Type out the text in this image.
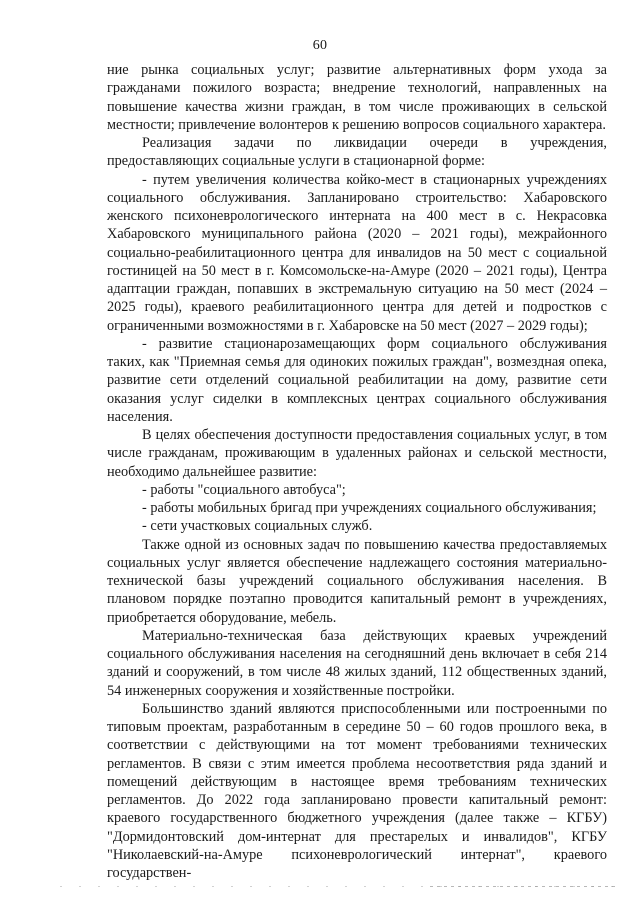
60

ние рынка социальных услуг; развитие альтернативных форм ухода за гражданами пожилого возраста; внедрение технологий, направленных на повышение качества жизни граждан, в том числе проживающих в сельской местности; привлечение волонтеров к решению вопросов социального характера.

Реализация задачи по ликвидации очереди в учреждения, предоставляющих социальные услуги в стационарной форме:

- путем увеличения количества койко-мест в стационарных учреждениях социального обслуживания. Запланировано строительство: Хабаровского женского психоневрологического интерната на 400 мест в с. Некрасовка Хабаровского муниципального района (2020 – 2021 годы), межрайонного социально-реабилитационного центра для инвалидов на 50 мест с социальной гостиницей на 50 мест в г. Комсомольске-на-Амуре (2020 – 2021 годы), Центра адаптации граждан, попавших в экстремальную ситуацию на 50 мест (2024 – 2025 годы), краевого реабилитационного центра для детей и подростков с ограниченными возможностями в г. Хабаровске на 50 мест (2027 – 2029 годы);

- развитие стационарозамещающих форм социального обслуживания таких, как "Приемная семья для одиноких пожилых граждан", возмездная опека, развитие сети отделений социальной реабилитации на дому, развитие сети оказания услуг сиделки в комплексных центрах социального обслуживания населения.

В целях обеспечения доступности предоставления социальных услуг, в том числе гражданам, проживающим в удаленных районах и сельской местности, необходимо дальнейшее развитие:

- работы "социального автобуса";

- работы мобильных бригад при учреждениях социального обслуживания;

- сети участковых социальных служб.

Также одной из основных задач по повышению качества предоставляемых социальных услуг является обеспечение надлежащего состояния материально-технической базы учреждений социального обслуживания населения. В плановом порядке поэтапно проводится капитальный ремонт в учреждениях, приобретается оборудование, мебель.

Материально-техническая база действующих краевых учреждений социального обслуживания населения на сегодняшний день включает в себя 214 зданий и сооружений, в том числе 48 жилых зданий, 112 общественных зданий, 54 инженерных сооружения и хозяйственные постройки.

Большинство зданий являются приспособленными или построенными по типовым проектам, разработанным в середине 50 – 60 годов прошлого века, в соответствии с действующими на тот момент требованиями технических регламентов. В связи с этим имеется проблема несоответствия ряда зданий и помещений действующим в настоящее время требованиям технических регламентов. До 2022 года запланировано провести капитальный ремонт: краевого государственного бюджетного учреждения (далее также – КГБУ) "Дормидонтовский дом-интернат для престарелых и инвалидов", КГБУ "Николаевский-на-Амуре психоневрологический интернат", краевого государствен-
